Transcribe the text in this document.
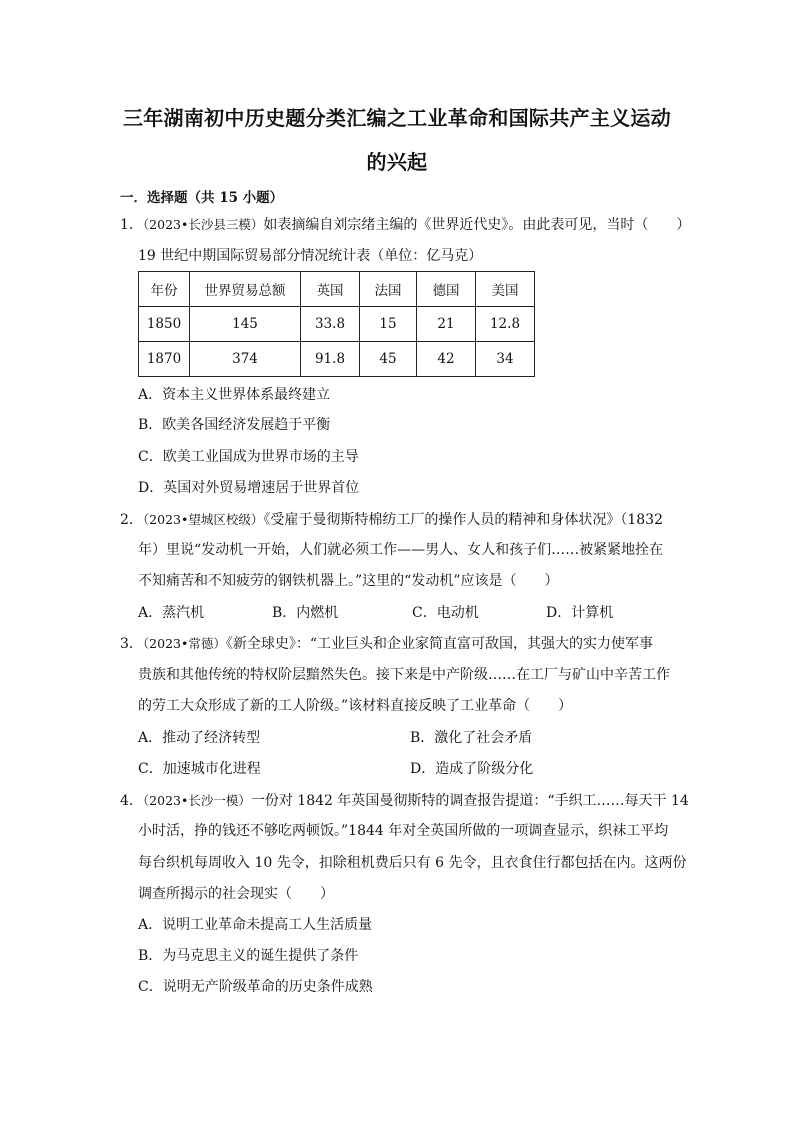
三年湖南初中历史题分类汇编之工业革命和国际共产主义运动
的兴起
一．选择题（共 15 小题）
1．（2023•长沙县三模）如表摘编自刘宗绪主编的《世界近代史》。由此表可见，当时（　　）
19 世纪中期国际贸易部分情况统计表（单位：亿马克）
年份	世界贸易总额	英国	法国	德国	美国
1850	145	33.8	15	21	12.8
1870	374	91.8	45	42	34
A．资本主义世界体系最终建立
B．欧美各国经济发展趋于平衡
C．欧美工业国成为世界市场的主导
D．英国对外贸易增速居于世界首位
2．（2023•望城区校级）《受雇于曼彻斯特棉纺工厂的操作人员的精神和身体状况》（1832
年）里说“发动机一开始，人们就必须工作——男人、女人和孩子们……被紧紧地拴在
不知痛苦和不知疲劳的钢铁机器上。”这里的“发动机”应该是（　　）
A．蒸汽机	B．内燃机	C．电动机	D．计算机
3．（2023•常德）《新全球史》：“工业巨头和企业家简直富可敌国，其强大的实力使军事
贵族和其他传统的特权阶层黯然失色。接下来是中产阶级……在工厂与矿山中辛苦工作
的劳工大众形成了新的工人阶级。”该材料直接反映了工业革命（　　）
A．推动了经济转型	B．激化了社会矛盾
C．加速城市化进程	D．造成了阶级分化
4．（2023•长沙一模）一份对 1842 年英国曼彻斯特的调查报告提道：“手织工……每天干 14
小时活，挣的钱还不够吃两顿饭。”1844 年对全英国所做的一项调查显示，织袜工平均
每台织机每周收入 10 先令，扣除租机费后只有 6 先令，且衣食住行都包括在内。这两份
调查所揭示的社会现实（　　）
A．说明工业革命未提高工人生活质量
B．为马克思主义的诞生提供了条件
C．说明无产阶级革命的历史条件成熟
